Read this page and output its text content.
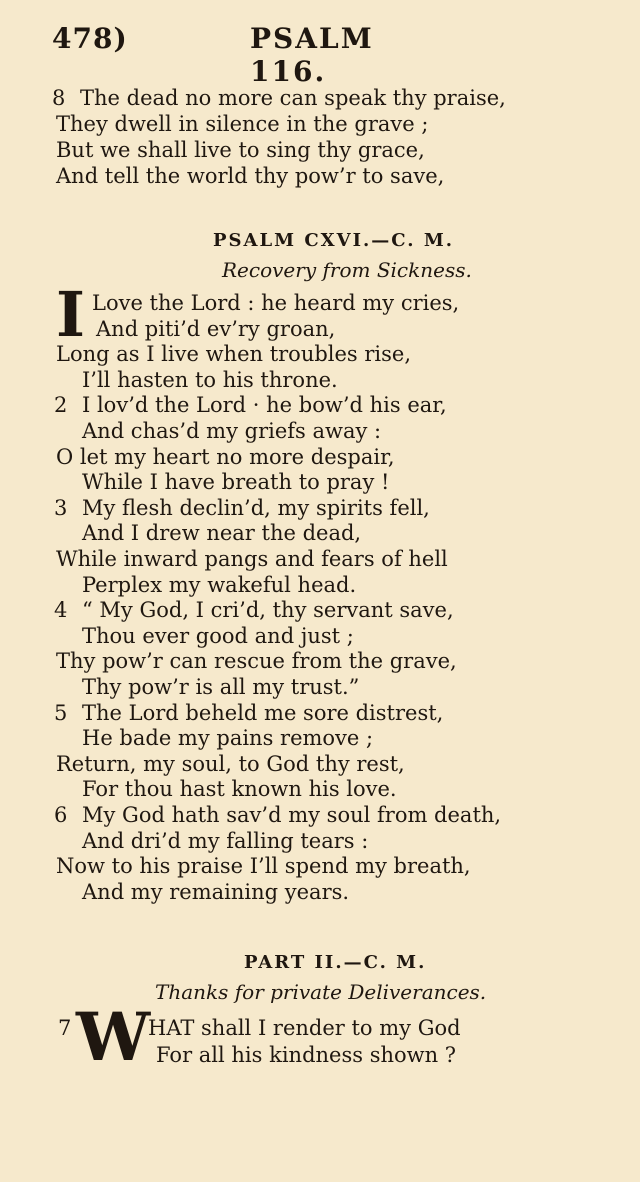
478)	PSALM 116.
8 The dead no more can speak thy praise,
They dwell in silence in the grave ;
But we shall live to sing thy grace,
And tell the world thy pow’r to save,
PSALM CXVI.—C. M.
Recovery from Sickness.
I Love the Lord : he heard my cries,
And piti’d ev’ry groan,
Long as I live when troubles rise,
I’ll hasten to his throne.
2 I lov’d the Lord · he bow’d his ear,
And chas’d my griefs away :
O let my heart no more despair,
While I have breath to pray !
3 My flesh declin’d, my spirits fell,
And I drew near the dead,
While inward pangs and fears of hell
Perplex my wakeful head.
4 “ My God, I cri’d, thy servant save,
Thou ever good and just ;
Thy pow’r can rescue from the grave,
Thy pow’r is all my trust.”
5 The Lord beheld me sore distrest,
He bade my pains remove ;
Return, my soul, to God thy rest,
For thou hast known his love.
6 My God hath sav’d my soul from death,
And dri’d my falling tears :
Now to his praise I’ll spend my breath,
And my remaining years.
PART II.—C. M.
Thanks for private Deliverances.
7 W
HAT shall I render to my God
For all his kindness shown ?
